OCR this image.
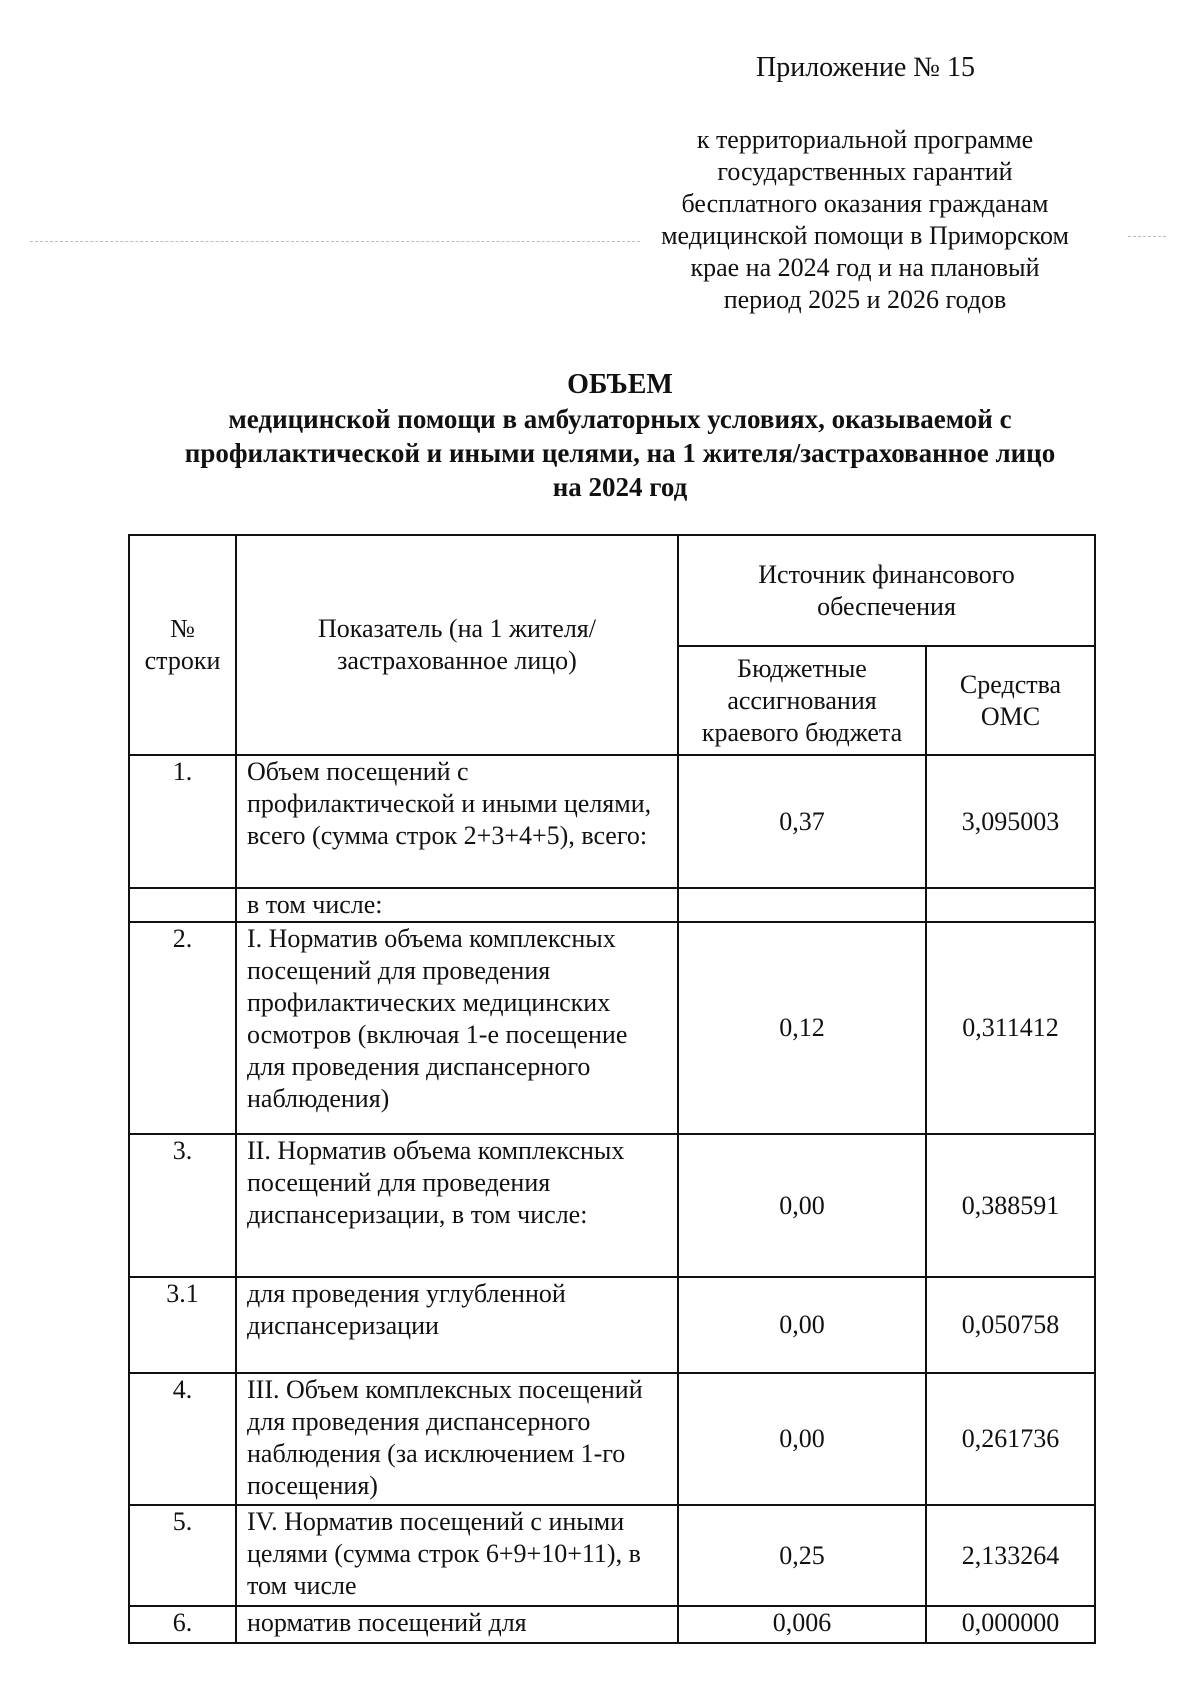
Приложение № 15
к территориальной программе
государственных гарантий
бесплатного оказания гражданам
медицинской помощи в Приморском
крае на 2024 год и на плановый
период 2025 и 2026 годов
ОБЪЕМ
медицинской помощи в амбулаторных условиях, оказываемой с
профилактической и иными целями, на 1 жителя/застрахованное лицо
на 2024 год
№ строки	Показатель (на 1 жителя/застрахованное лицо)	Источник финансового обеспечения	
		Бюджетные ассигнования краевого бюджета	Средства ОМС
1.	Объем посещений с профилактической и иными целями, всего (сумма строк 2+3+4+5), всего:	0,37	3,095003
	в том числе:		
2.	I. Норматив объема комплексных посещений для проведения профилактических медицинских осмотров (включая 1-е посещение для проведения диспансерного наблюдения)	0,12	0,311412
3.	II. Норматив объема комплексных посещений для проведения диспансеризации, в том числе:	0,00	0,388591
3.1	для проведения углубленной диспансеризации	0,00	0,050758
4.	III. Объем комплексных посещений для проведения диспансерного наблюдения (за исключением 1-го посещения)	0,00	0,261736
5.	IV. Норматив посещений с иными целями (сумма строк 6+9+10+11), в том числе	0,25	2,133264
6.	норматив посещений для	0,006	0,000000
